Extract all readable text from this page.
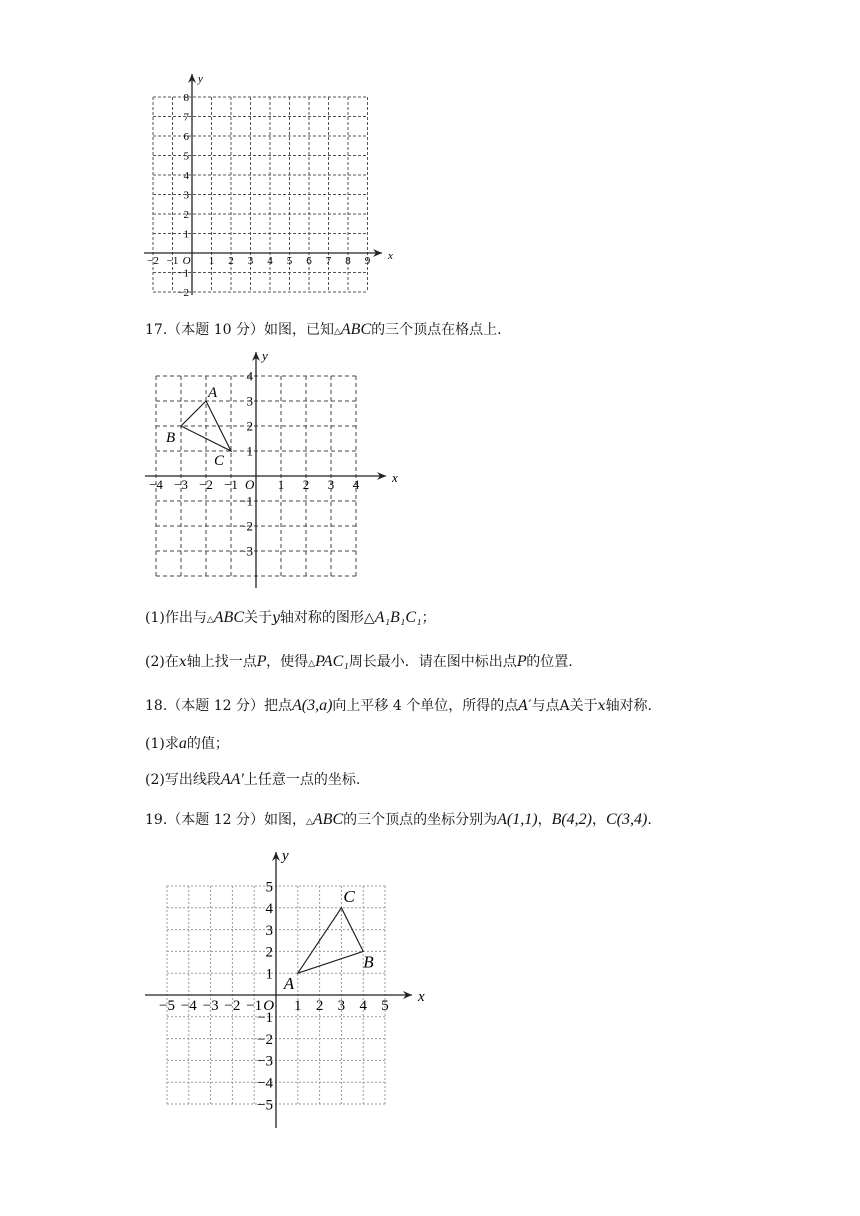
x
y
O
−2 −1	1 2 3 4 5 6 7 8 9
8
7
6
5
4
3
2
1
−1
−2
17.（本题 10 分）如图，已知△ABC的三个顶点在格点上.
x
y
O
−4 −3 −2 −1	1 2 3 4
4
3
2
1
−1
−2
−3
A
B
C
(1)作出与△ABC关于y轴对称的图形△A₁B₁C₁；
(2)在x轴上找一点P，使得△PAC₁周长最小．请在图中标出点P的位置.
18.（本题 12 分）把点A(3,a)向上平移 4 个单位，所得的点A′与点A关于x轴对称.
(1)求a的值；
(2)写出线段AA′上任意一点的坐标.
19.（本题 12 分）如图，△ABC的三个顶点的坐标分别为A(1,1)，B(4,2)，C(3,4).
x
y
O
−5 −4 −3 −2 −1 1 2 3 4 5
5
4
3
2
1
−1
−2
−3
−4
−5
A
B
C
